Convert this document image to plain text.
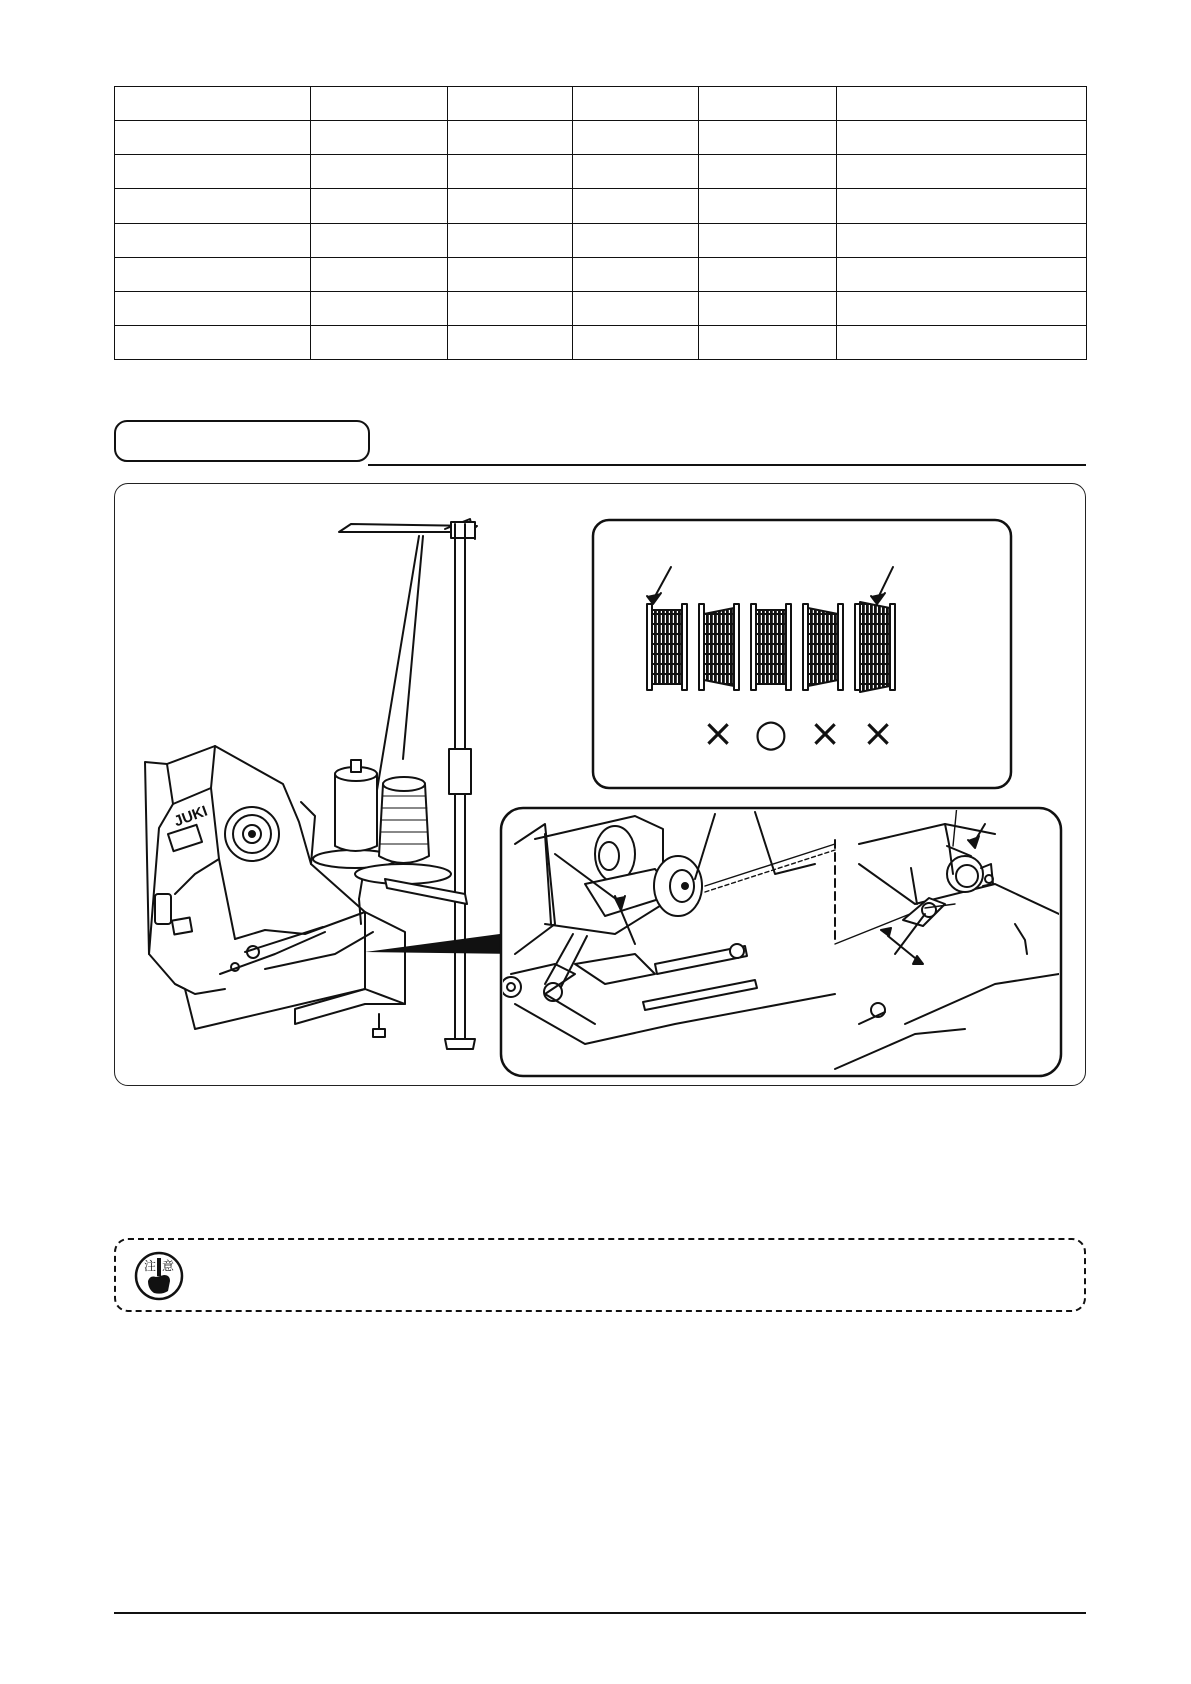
JUKI
× ○ × ×
注 意
